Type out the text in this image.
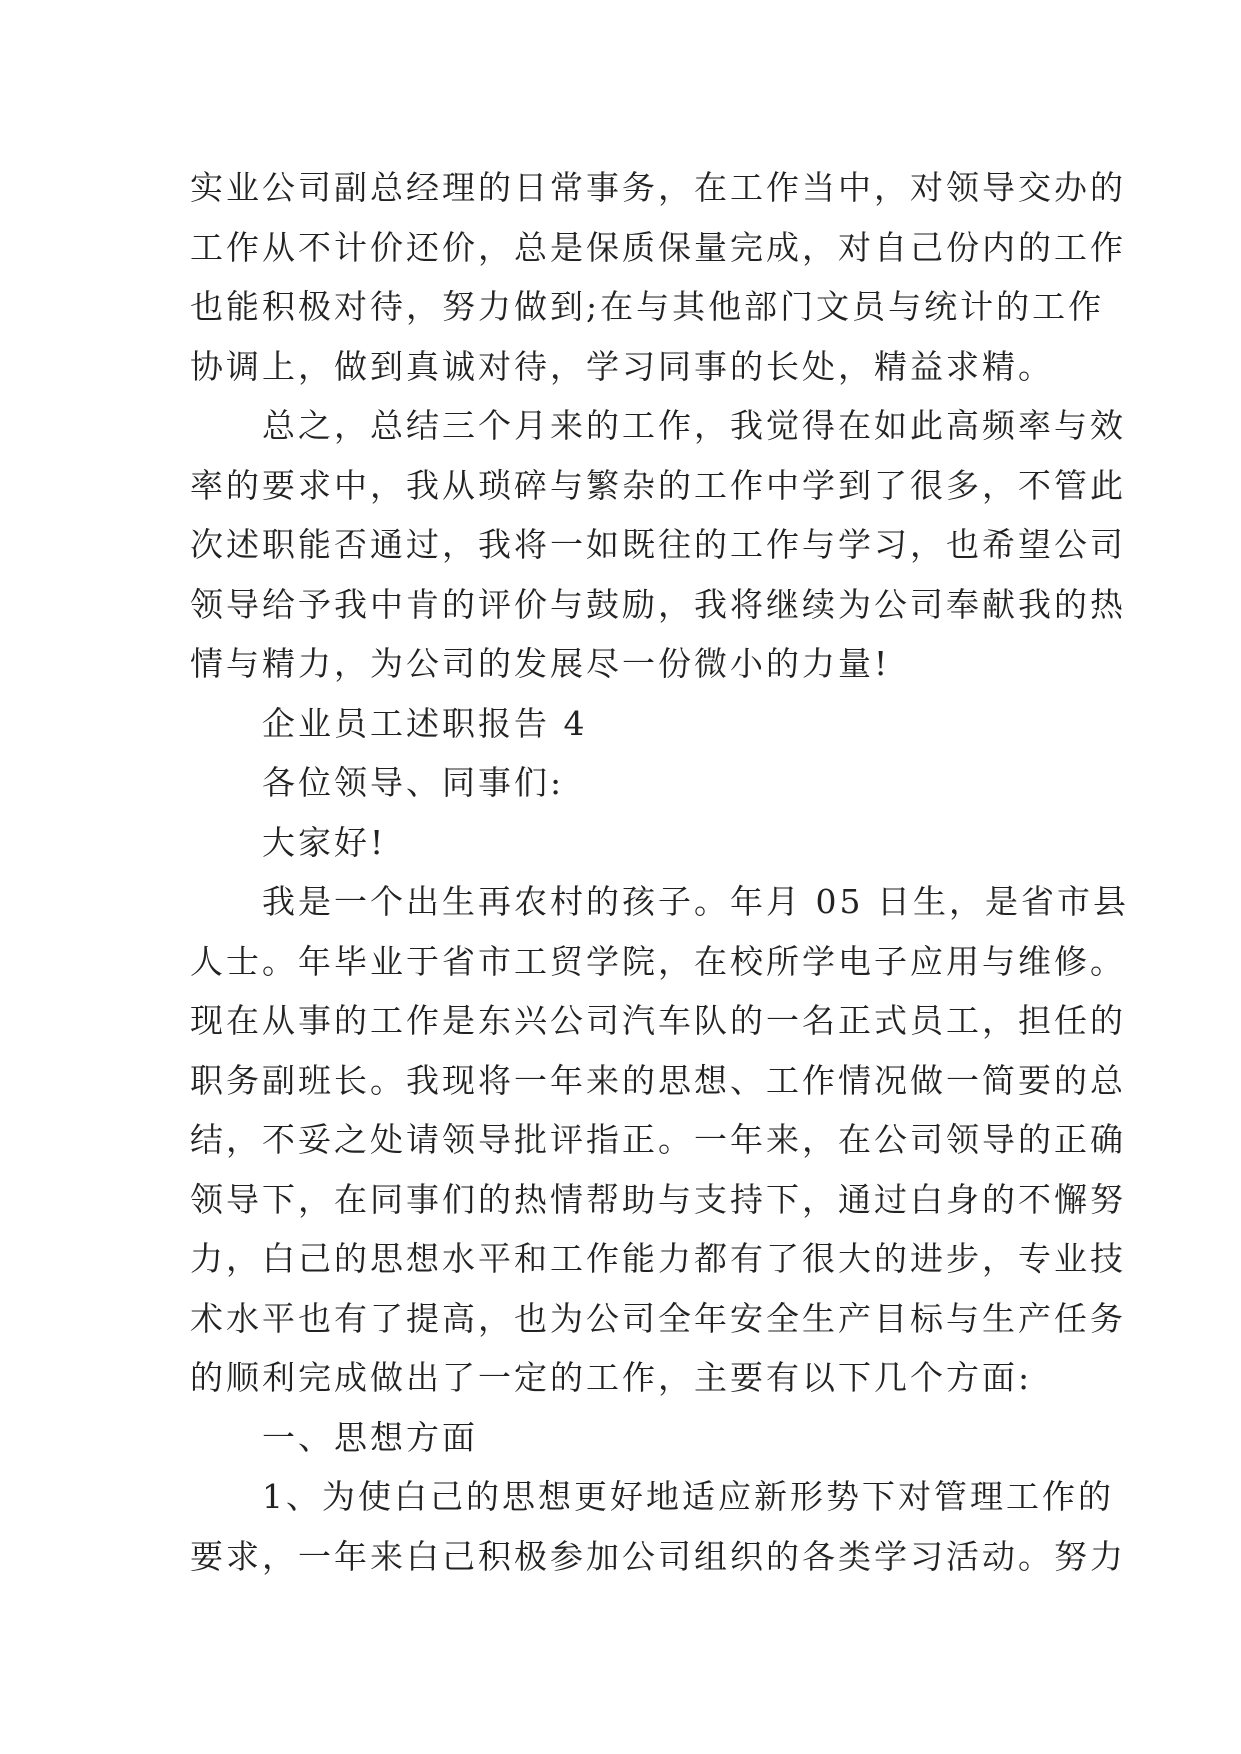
实业公司副总经理的日常事务，在工作当中，对领导交办的
工作从不计价还价，总是保质保量完成，对自己份内的工作
也能积极对待，努力做到;在与其他部门文员与统计的工作
协调上，做到真诚对待，学习同事的长处，精益求精。
　　总之，总结三个月来的工作，我觉得在如此高频率与效
率的要求中，我从琐碎与繁杂的工作中学到了很多，不管此
次述职能否通过，我将一如既往的工作与学习，也希望公司
领导给予我中肯的评价与鼓励，我将继续为公司奉献我的热
情与精力，为公司的发展尽一份微小的力量!
　　企业员工述职报告 4
　　各位领导、同事们:
　　大家好!
　　我是一个出生再农村的孩子。年月 05 日生，是省市县
人士。年毕业于省市工贸学院，在校所学电子应用与维修。
现在从事的工作是东兴公司汽车队的一名正式员工，担任的
职务副班长。我现将一年来的思想、工作情况做一简要的总
结，不妥之处请领导批评指正。一年来，在公司领导的正确
领导下，在同事们的热情帮助与支持下，通过白身的不懈努
力，白己的思想水平和工作能力都有了很大的进步，专业技
术水平也有了提高，也为公司全年安全生产目标与生产任务
的顺利完成做出了一定的工作，主要有以下几个方面:
　　一、思想方面
　　1、为使白己的思想更好地适应新形势下对管理工作的
要求，一年来白己积极参加公司组织的各类学习活动。努力
